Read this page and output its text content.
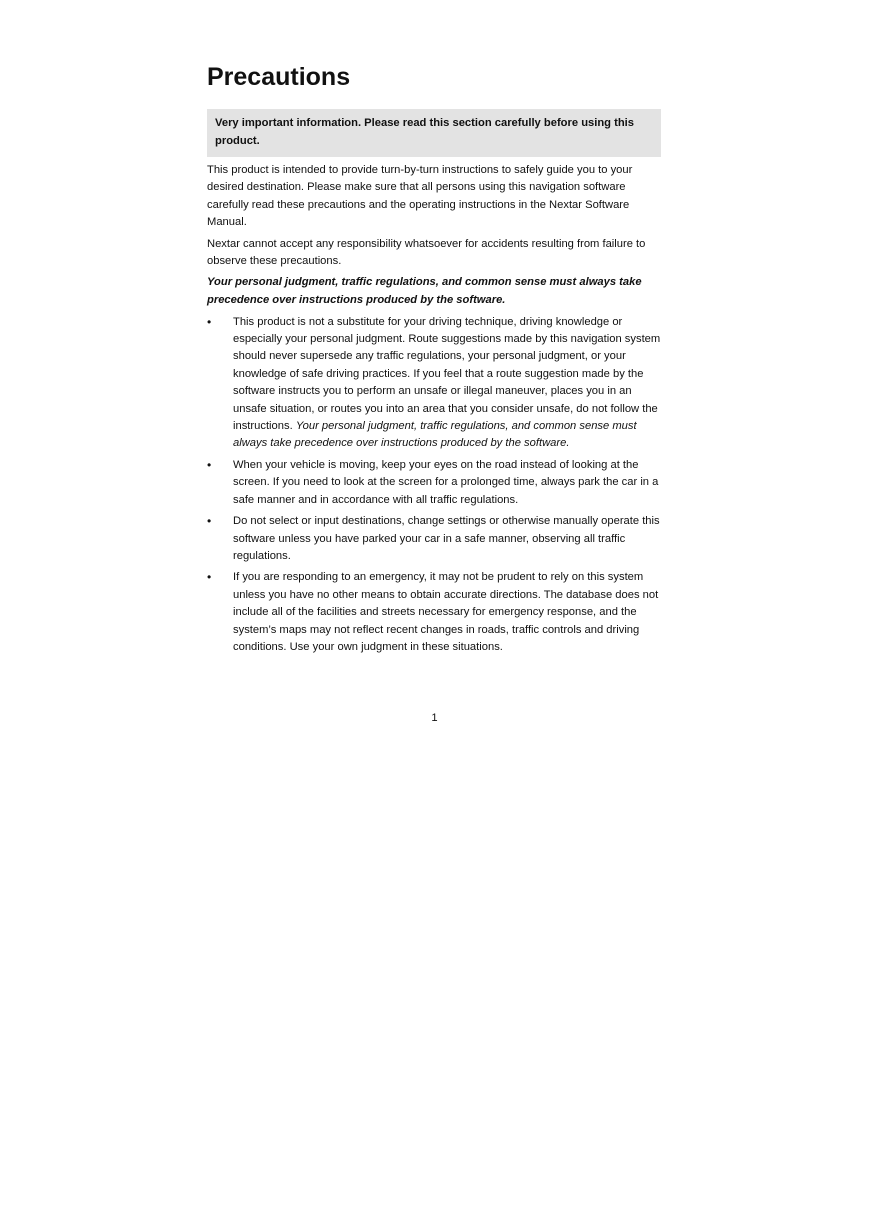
Precautions
Very important information. Please read this section carefully before using this product.

This product is intended to provide turn-by-turn instructions to safely guide you to your desired destination. Please make sure that all persons using this navigation software carefully read these precautions and the operating instructions in the Nextar Software Manual.

Nextar cannot accept any responsibility whatsoever for accidents resulting from failure to observe these precautions.

Your personal judgment, traffic regulations, and common sense must always take precedence over instructions produced by the software.

• This product is not a substitute for your driving technique, driving knowledge or especially your personal judgment. Route suggestions made by this navigation system should never supersede any traffic regulations, your personal judgment, or your knowledge of safe driving practices. If you feel that a route suggestion made by the software instructs you to perform an unsafe or illegal maneuver, places you in an unsafe situation, or routes you into an area that you consider unsafe, do not follow the instructions. Your personal judgment, traffic regulations, and common sense must always take precedence over instructions produced by the software.
• When your vehicle is moving, keep your eyes on the road instead of looking at the screen. If you need to look at the screen for a prolonged time, always park the car in a safe manner and in accordance with all traffic regulations.
• Do not select or input destinations, change settings or otherwise manually operate this software unless you have parked your car in a safe manner, observing all traffic regulations.
• If you are responding to an emergency, it may not be prudent to rely on this system unless you have no other means to obtain accurate directions. The database does not include all of the facilities and streets necessary for emergency response, and the system’s maps may not reflect recent changes in roads, traffic controls and driving conditions. Use your own judgment in these situations.
1
